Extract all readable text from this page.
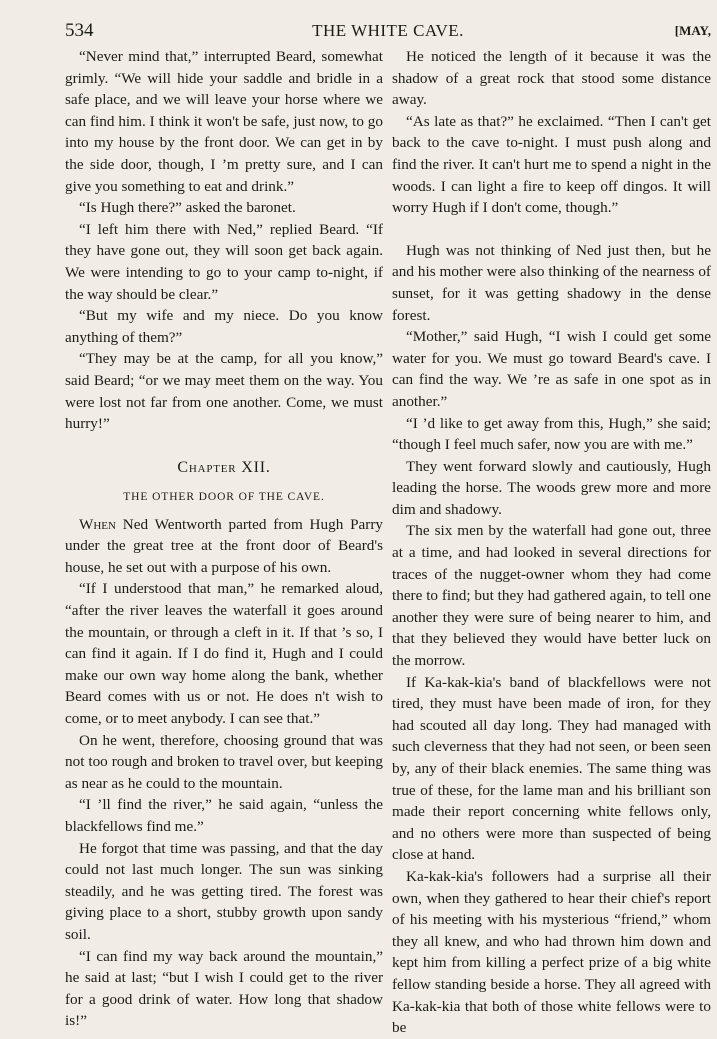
534	THE WHITE CAVE.	[MAY,

“Never mind that,” interrupted Beard, somewhat grimly. “We will hide your saddle and bridle in a safe place, and we will leave your horse where we can find him. I think it won't be safe, just now, to go into my house by the front door. We can get in by the side door, though, I ’m pretty sure, and I can give you something to eat and drink.”

“Is Hugh there?” asked the baronet.

“I left him there with Ned,” replied Beard. “If they have gone out, they will soon get back again. We were intending to go to your camp to-night, if the way should be clear.”

“But my wife and my niece. Do you know anything of them?”

“They may be at the camp, for all you know,” said Beard; “or we may meet them on the way. You were lost not far from one another. Come, we must hurry!”

Chapter XII.
THE OTHER DOOR OF THE CAVE.

When Ned Wentworth parted from Hugh Parry under the great tree at the front door of Beard's house, he set out with a purpose of his own.

“If I understood that man,” he remarked aloud, “after the river leaves the waterfall it goes around the mountain, or through a cleft in it. If that ’s so, I can find it again. If I do find it, Hugh and I could make our own way home along the bank, whether Beard comes with us or not. He does n't wish to come, or to meet anybody. I can see that.”

On he went, therefore, choosing ground that was not too rough and broken to travel over, but keeping as near as he could to the mountain.

“I ’ll find the river,” he said again, “unless the blackfellows find me.”

He forgot that time was passing, and that the day could not last much longer. The sun was sinking steadily, and he was getting tired. The forest was giving place to a short, stubby growth upon sandy soil.

“I can find my way back around the mountain,” he said at last; “but I wish I could get to the river for a good drink of water. How long that shadow is!”

He noticed the length of it because it was the shadow of a great rock that stood some distance away.

“As late as that?” he exclaimed. “Then I can't get back to the cave to-night. I must push along and find the river. It can't hurt me to spend a night in the woods. I can light a fire to keep off dingos. It will worry Hugh if I don't come, though.”

Hugh was not thinking of Ned just then, but he and his mother were also thinking of the nearness of sunset, for it was getting shadowy in the dense forest.

“Mother,” said Hugh, “I wish I could get some water for you. We must go toward Beard's cave. I can find the way. We ’re as safe in one spot as in another.”

“I ’d like to get away from this, Hugh,” she said; “though I feel much safer, now you are with me.”

They went forward slowly and cautiously, Hugh leading the horse. The woods grew more and more dim and shadowy.

The six men by the waterfall had gone out, three at a time, and had looked in several directions for traces of the nugget-owner whom they had come there to find; but they had gathered again, to tell one another they were sure of being nearer to him, and that they believed they would have better luck on the morrow.

If Ka-kak-kia's band of blackfellows were not tired, they must have been made of iron, for they had scouted all day long. They had managed with such cleverness that they had not seen, or been seen by, any of their black enemies. The same thing was true of these, for the lame man and his brilliant son made their report concerning white fellows only, and no others were more than suspected of being close at hand.

Ka-kak-kia's followers had a surprise all their own, when they gathered to hear their chief's report of his meeting with his mysterious “friend,” whom they all knew, and who had thrown him down and kept him from killing a perfect prize of a big white fellow standing beside a horse. They all agreed with Ka-kak-kia that both of those white fellows were to be
